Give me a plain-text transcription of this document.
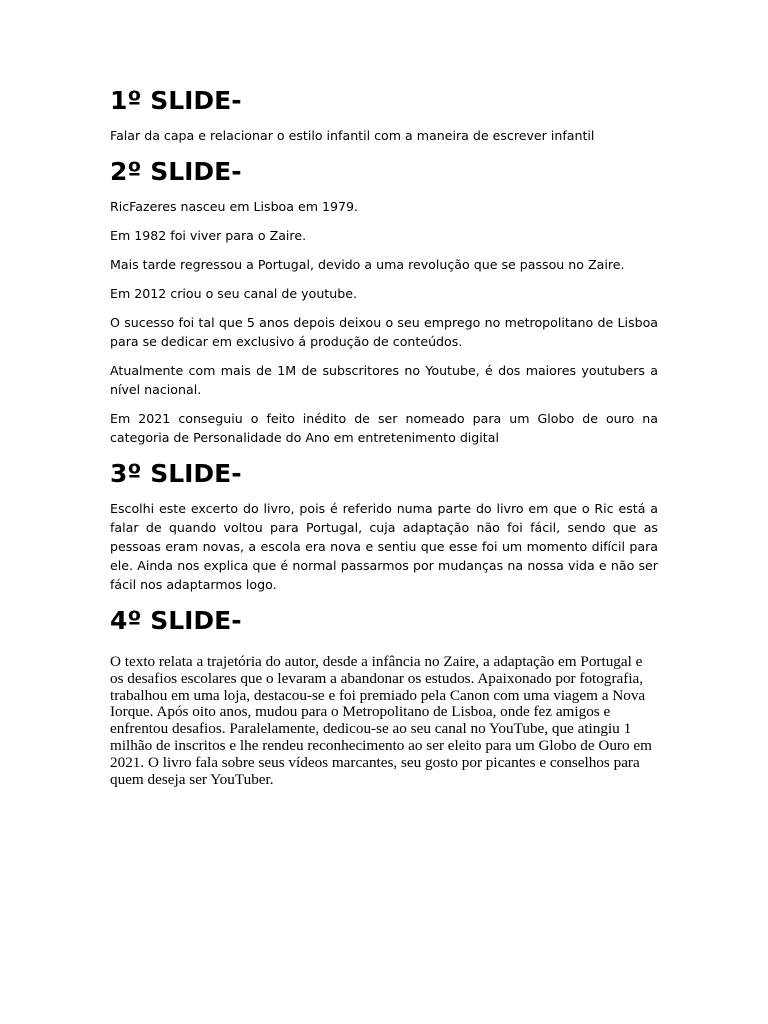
1º SLIDE-

Falar da capa e relacionar o estilo infantil com a maneira de escrever infantil

2º SLIDE-

RicFazeres nasceu em Lisboa em 1979.

Em 1982 foi viver para o Zaire.

Mais tarde regressou a Portugal, devido a uma revolução que se passou no Zaire.

Em 2012 criou o seu canal de youtube.

O sucesso foi tal que 5 anos depois deixou o seu emprego no metropolitano de Lisboa para se dedicar em exclusivo á produção de conteúdos.

Atualmente com mais de 1M de subscritores no Youtube, é dos maiores youtubers a nível nacional.

Em 2021 conseguiu o feito inédito de ser nomeado para um Globo de ouro na categoria de Personalidade do Ano em entretenimento digital

3º SLIDE-

Escolhi este excerto do livro, pois é referido numa parte do livro em que o Ric está a falar de quando voltou para Portugal, cuja adaptação não foi fácil, sendo que as pessoas eram novas, a escola era nova e sentiu que esse foi um momento difícil para ele. Ainda nos explica que é normal passarmos por mudanças na nossa vida e não ser fácil nos adaptarmos logo.

4º SLIDE-

O texto relata a trajetória do autor, desde a infância no Zaire, a adaptação em Portugal e os desafios escolares que o levaram a abandonar os estudos. Apaixonado por fotografia, trabalhou em uma loja, destacou-se e foi premiado pela Canon com uma viagem a Nova Iorque. Após oito anos, mudou para o Metropolitano de Lisboa, onde fez amigos e enfrentou desafios. Paralelamente, dedicou-se ao seu canal no YouTube, que atingiu 1 milhão de inscritos e lhe rendeu reconhecimento ao ser eleito para um Globo de Ouro em 2021. O livro fala sobre seus vídeos marcantes, seu gosto por picantes e conselhos para quem deseja ser YouTuber.
